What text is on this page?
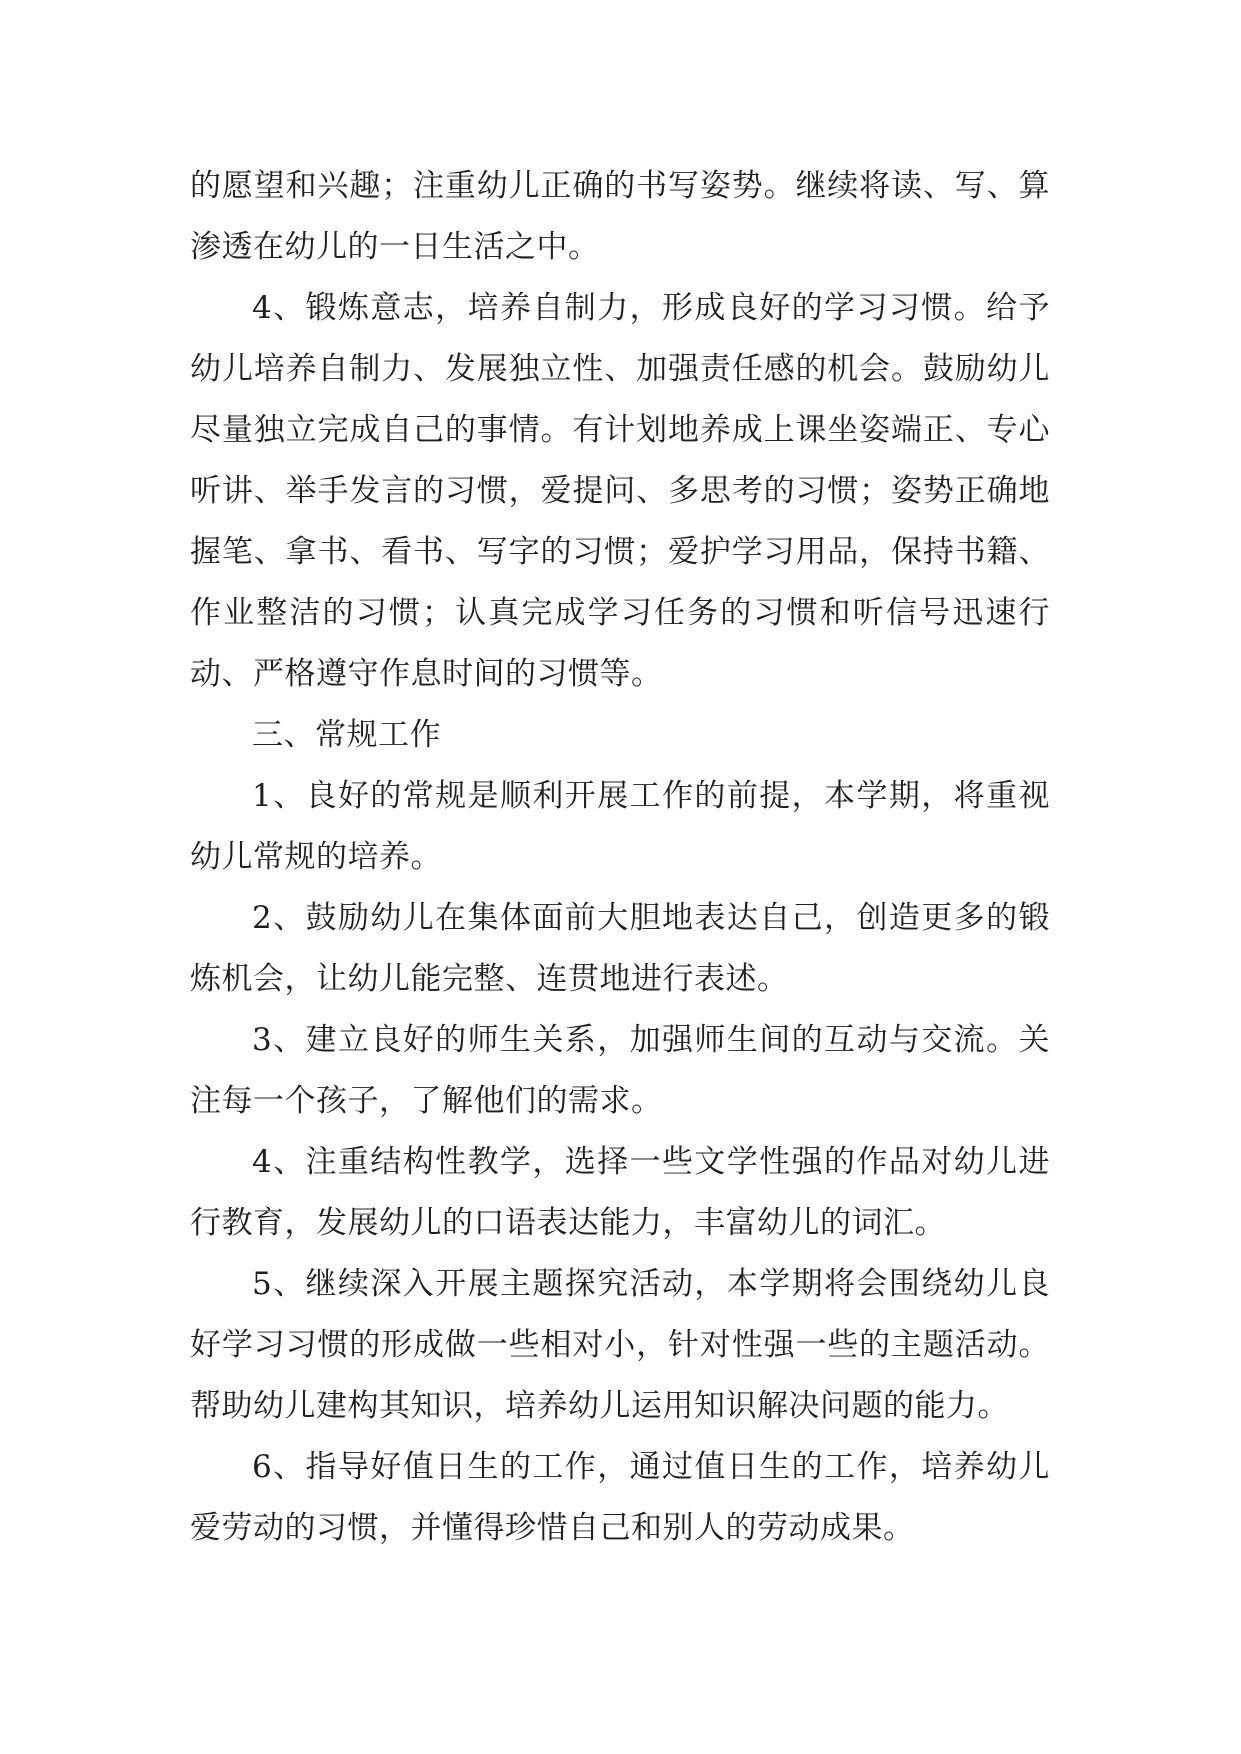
的愿望和兴趣；注重幼儿正确的书写姿势。继续将读、写、算渗透在幼儿的一日生活之中。

4、锻炼意志，培养自制力，形成良好的学习习惯。给予幼儿培养自制力、发展独立性、加强责任感的机会。鼓励幼儿尽量独立完成自己的事情。有计划地养成上课坐姿端正、专心听讲、举手发言的习惯，爱提问、多思考的习惯；姿势正确地握笔、拿书、看书、写字的习惯；爱护学习用品，保持书籍、作业整洁的习惯；认真完成学习任务的习惯和听信号迅速行动、严格遵守作息时间的习惯等。

三、常规工作

1、良好的常规是顺利开展工作的前提，本学期，将重视幼儿常规的培养。

2、鼓励幼儿在集体面前大胆地表达自己，创造更多的锻炼机会，让幼儿能完整、连贯地进行表述。

3、建立良好的师生关系，加强师生间的互动与交流。关注每一个孩子，了解他们的需求。

4、注重结构性教学，选择一些文学性强的作品对幼儿进行教育，发展幼儿的口语表达能力，丰富幼儿的词汇。

5、继续深入开展主题探究活动，本学期将会围绕幼儿良好学习习惯的形成做一些相对小，针对性强一些的主题活动。帮助幼儿建构其知识，培养幼儿运用知识解决问题的能力。

6、指导好值日生的工作，通过值日生的工作，培养幼儿爱劳动的习惯，并懂得珍惜自己和别人的劳动成果。
